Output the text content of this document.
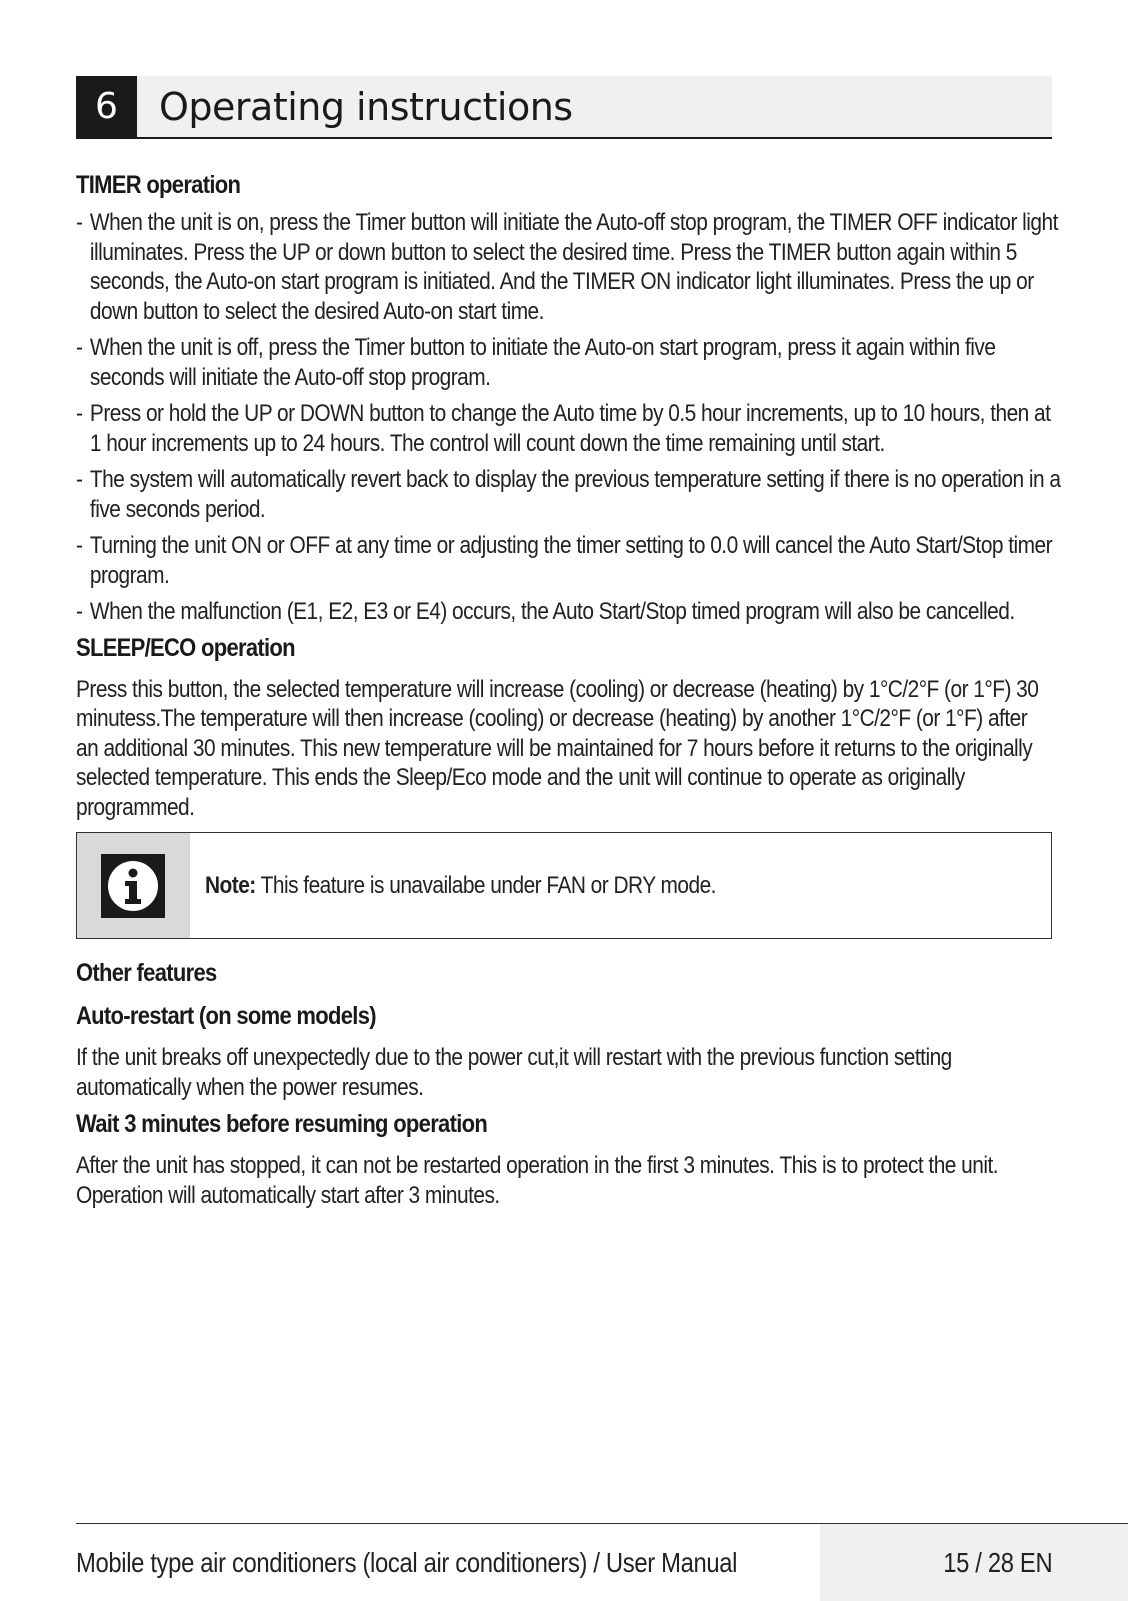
6	Operating instructions
TIMER operation
- When the unit is on, press the Timer button will initiate the Auto-off stop program, the TIMER OFF indicator light illuminates. Press the UP or down button to select the desired time. Press the TIMER button again within 5 seconds, the Auto-on start program is initiated. And the TIMER ON indicator light illuminates. Press the up or down button to select the desired Auto-on start time.
- When the unit is off, press the Timer button to initiate the Auto-on start program, press it again within five seconds will initiate the Auto-off stop program.
- Press or hold the UP or DOWN button to change the Auto time by 0.5 hour increments, up to 10 hours, then at 1 hour increments up to 24 hours. The control will count down the time remaining until start.
- The system will automatically revert back to display the previous temperature setting if there is no operation in a five seconds period.
- Turning the unit ON or OFF at any time or adjusting the timer setting to 0.0 will cancel the Auto Start/Stop timer program.
- When the malfunction (E1, E2, E3 or E4) occurs, the Auto Start/Stop timed program will also be cancelled.
SLEEP/ECO operation

Press this button, the selected temperature will increase (cooling) or decrease (heating) by 1°C/2°F (or 1°F) 30 minutess.The temperature will then increase (cooling) or decrease (heating) by another 1°C/2°F (or 1°F) after an additional 30 minutes. This new temperature will be maintained for 7 hours before it returns to the originally selected temperature. This ends the Sleep/Eco mode and the unit will continue to operate as originally programmed.

Note: This feature is unavailabe under FAN or DRY mode.
Other features
Auto-restart (on some models)

If the unit breaks off unexpectedly due to the power cut,it will restart with the previous function setting automatically when the power resumes.

Wait 3 minutes before resuming operation

After the unit has stopped, it can not be restarted operation in the first 3 minutes. This is to protect the unit. Operation will automatically start after 3 minutes.

Mobile type air conditioners (local air conditioners) / User Manual	15 / 28 EN
